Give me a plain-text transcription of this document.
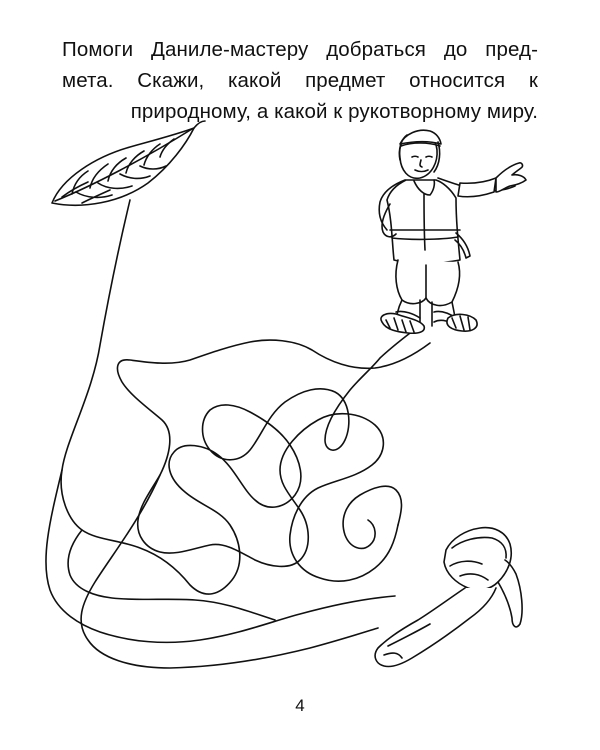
Помоги Даниле-мастеру добраться до пред-
мета. Скажи, какой предмет относится к
природному, а какой к рукотворному миру.

4
